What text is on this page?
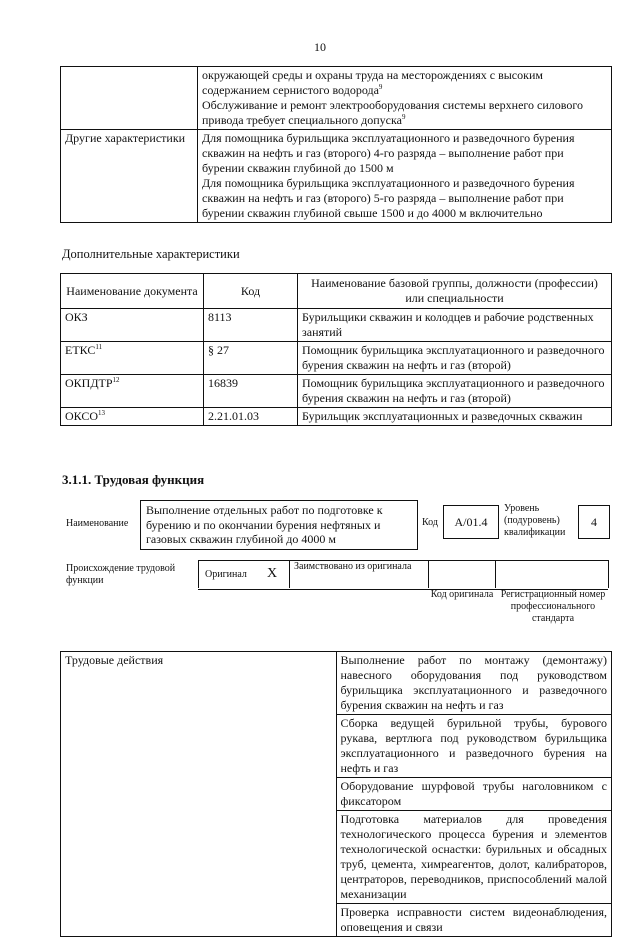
10

	окружающей среды и охраны труда на месторождениях с высоким содержанием сернистого водорода$^9$
Обслуживание и ремонт электрооборудования системы верхнего силового привода требует специального допуска$^9$

Другие характеристики	Для помощника бурильщика эксплуатационного и разведочного бурения скважин на нефть и газ (второго) 4-го разряда – выполнение работ при бурении скважин глубиной до 1500 м
Для помощника бурильщика эксплуатационного и разведочного бурения скважин на нефть и газ (второго) 5-го разряда – выполнение работ при бурении скважин глубиной свыше 1500 и до 4000 м включительно
Дополнительные характеристики
Наименование документа	Код	Наименование базовой группы, должности (профессии) или специальности
ОКЗ	8113	Бурильщики скважин и колодцев и рабочие родственных занятий
ЕТКС$^{11}$	§ 27	Помощник бурильщика эксплуатационного и разведочного бурения скважин на нефть и газ (второй)
ОКПДТР$^{12}$	16839	Помощник бурильщика эксплуатационного и разведочного бурения скважин на нефть и газ (второй)
ОКСО$^{13}$	2.21.01.03	Бурильщик эксплуатационных и разведочных скважин
3.1.1. Трудовая функция
Наименование
Выполнение отдельных работ по подготовке к бурению и по окончании бурения нефтяных и газовых скважин глубиной до 4000 м
Код	А/01.4
Уровень (подуровень) квалификации
4
Происхождение трудовой функции
Оригинал X Заимствовано из оригинала
Код оригинала Регистрационный номер профессионального стандарта
Трудовые действия	Выполнение работ по монтажу (демонтажу) навесного оборудования под руководством бурильщика эксплуатационного и разведочного бурения скважин на нефть и газ
Сборка ведущей бурильной трубы, бурового рукава, вертлюга под руководством бурильщика эксплуатационного и разведочного бурения на нефть и газ
Оборудование шурфовой трубы наголовником с фиксатором
Подготовка материалов для проведения технологического процесса бурения и элементов технологической оснастки: бурильных и обсадных труб, цемента, химреагентов, долот, калибраторов, центраторов, переводников, приспособлений малой механизации
Проверка исправности систем видеонаблюдения, оповещения и связи
